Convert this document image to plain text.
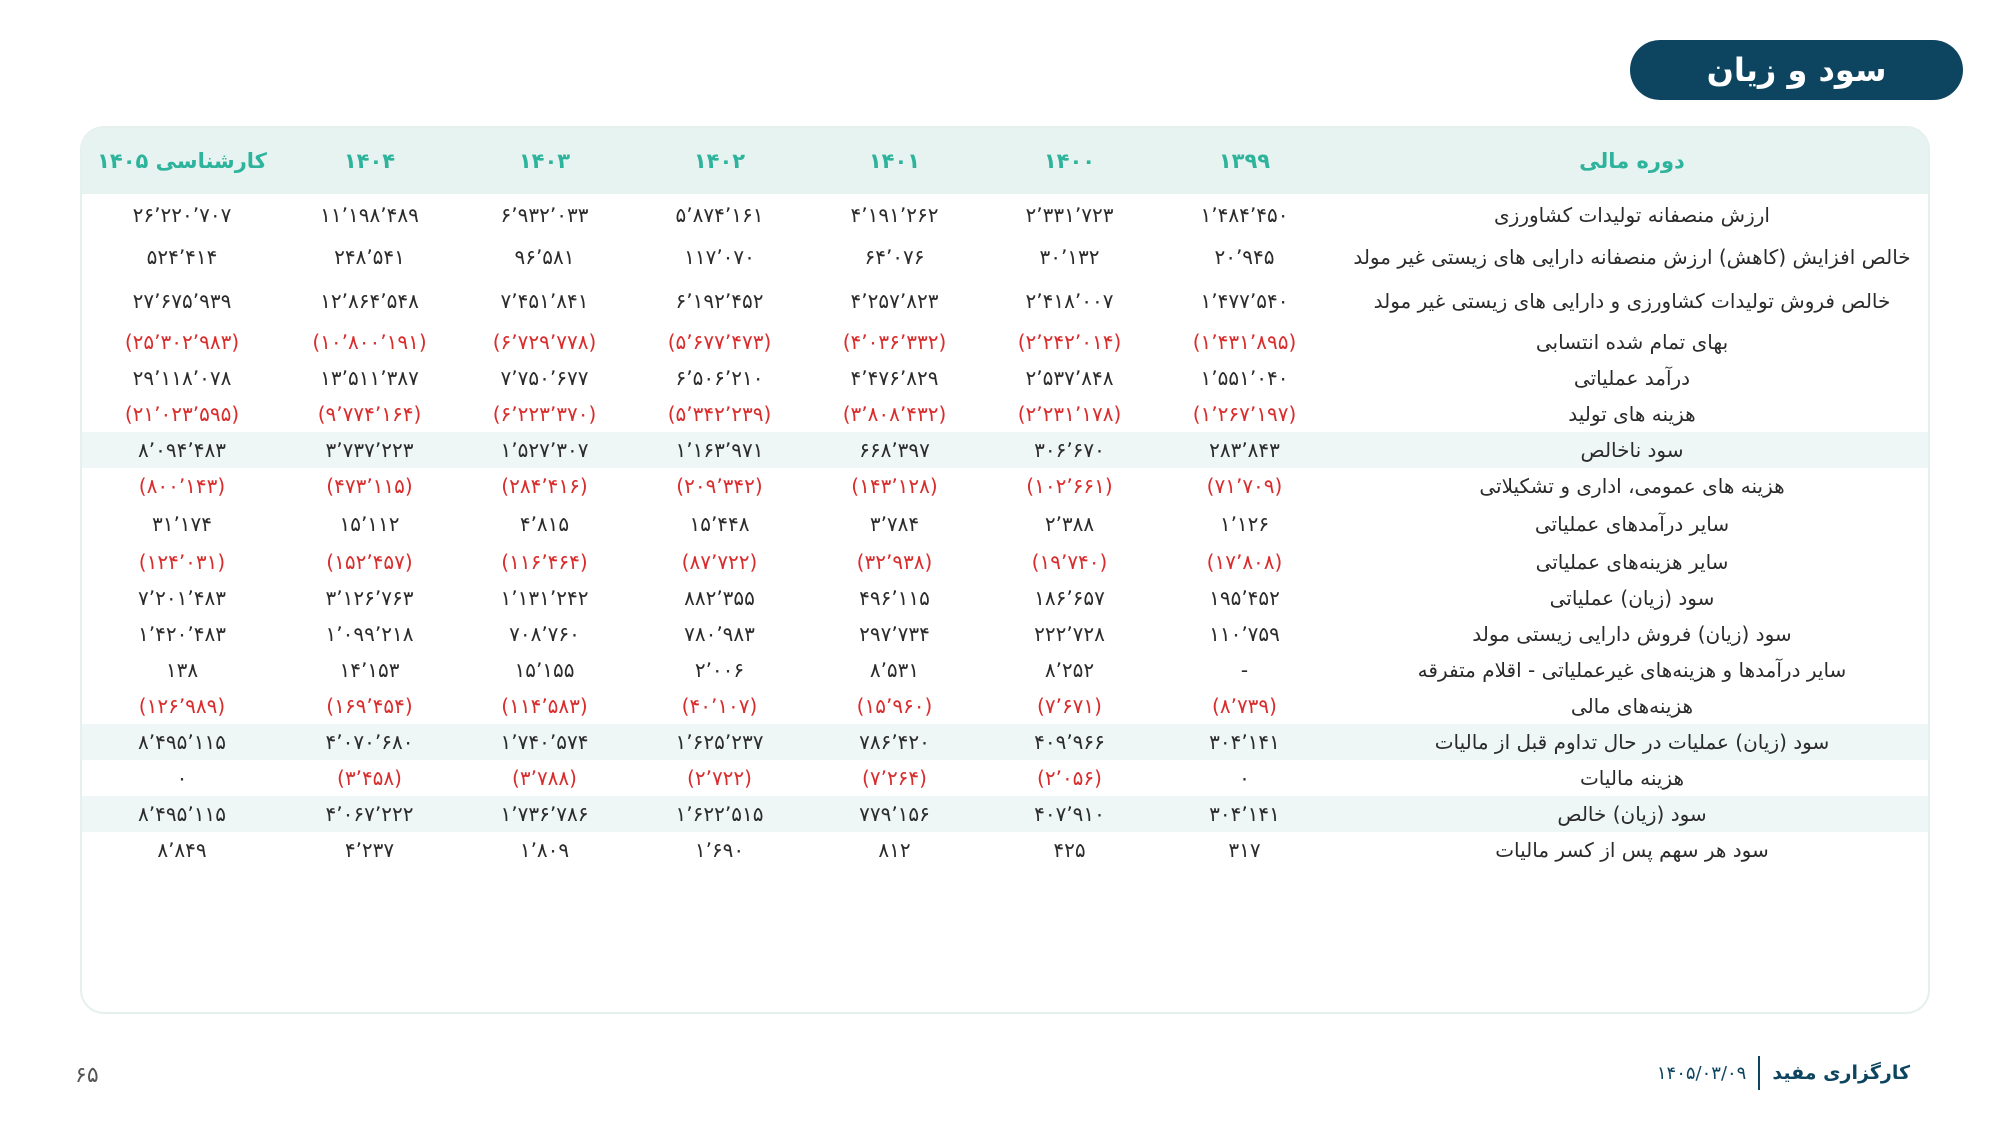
سود و زیان
دوره مالی	۱۳۹۹	۱۴۰۰	۱۴۰۱	۱۴۰۲	۱۴۰۳	۱۴۰۴	کارشناسی ۱۴۰۵
ارزش منصفانه تولیدات کشاورزی	۱٬۴۸۴٬۴۵۰	۲٬۳۳۱٬۷۲۳	۴٬۱۹۱٬۲۶۲	۵٬۸۷۴٬۱۶۱	۶٬۹۳۲٬۰۳۳	۱۱٬۱۹۸٬۴۸۹	۲۶٬۲۲۰٬۷۰۷
خالص افزایش (کاهش) ارزش منصفانه دارایی های زیستی غیر مولد	۲۰٬۹۴۵	۳۰٬۱۳۲	۶۴٬۰۷۶	۱۱۷٬۰۷۰	۹۶٬۵۸۱	۲۴۸٬۵۴۱	۵۲۴٬۴۱۴
خالص فروش تولیدات کشاورزی و دارایی های زیستی غیر مولد	۱٬۴۷۷٬۵۴۰	۲٬۴۱۸٬۰۰۷	۴٬۲۵۷٬۸۲۳	۶٬۱۹۲٬۴۵۲	۷٬۴۵۱٬۸۴۱	۱۲٬۸۶۴٬۵۴۸	۲۷٬۶۷۵٬۹۳۹
بهای تمام شده انتسابی	(۱٬۴۳۱٬۸۹۵)	(۲٬۲۴۲٬۰۱۴)	(۴٬۰۳۶٬۳۳۲)	(۵٬۶۷۷٬۴۷۳)	(۶٬۷۲۹٬۷۷۸)	(۱۰٬۸۰۰٬۱۹۱)	(۲۵٬۳۰۲٬۹۸۳)
درآمد عملیاتی	۱٬۵۵۱٬۰۴۰	۲٬۵۳۷٬۸۴۸	۴٬۴۷۶٬۸۲۹	۶٬۵۰۶٬۲۱۰	۷٬۷۵۰٬۶۷۷	۱۳٬۵۱۱٬۳۸۷	۲۹٬۱۱۸٬۰۷۸
هزینه های تولید	(۱٬۲۶۷٬۱۹۷)	(۲٬۲۳۱٬۱۷۸)	(۳٬۸۰۸٬۴۳۲)	(۵٬۳۴۲٬۲۳۹)	(۶٬۲۲۳٬۳۷۰)	(۹٬۷۷۴٬۱۶۴)	(۲۱٬۰۲۳٬۵۹۵)
سود ناخالص	۲۸۳٬۸۴۳	۳۰۶٬۶۷۰	۶۶۸٬۳۹۷	۱٬۱۶۳٬۹۷۱	۱٬۵۲۷٬۳۰۷	۳٬۷۳۷٬۲۲۳	۸٬۰۹۴٬۴۸۳
هزینه های عمومی، اداری و تشکیلاتی	(۷۱٬۷۰۹)	(۱۰۲٬۶۶۱)	(۱۴۳٬۱۲۸)	(۲۰۹٬۳۴۲)	(۲۸۴٬۴۱۶)	(۴۷۳٬۱۱۵)	(۸۰۰٬۱۴۳)
سایر درآمدهای عملیاتی	۱٬۱۲۶	۲٬۳۸۸	۳٬۷۸۴	۱۵٬۴۴۸	۴٬۸۱۵	۱۵٬۱۱۲	۳۱٬۱۷۴
سایر هزینه‌های عملیاتی	(۱۷٬۸۰۸)	(۱۹٬۷۴۰)	(۳۲٬۹۳۸)	(۸۷٬۷۲۲)	(۱۱۶٬۴۶۴)	(۱۵۲٬۴۵۷)	(۱۲۴٬۰۳۱)
سود (زیان) عملیاتی	۱۹۵٬۴۵۲	۱۸۶٬۶۵۷	۴۹۶٬۱۱۵	۸۸۲٬۳۵۵	۱٬۱۳۱٬۲۴۲	۳٬۱۲۶٬۷۶۳	۷٬۲۰۱٬۴۸۳
سود (زیان) فروش دارایی زیستی مولد	۱۱۰٬۷۵۹	۲۲۲٬۷۲۸	۲۹۷٬۷۳۴	۷۸۰٬۹۸۳	۷۰۸٬۷۶۰	۱٬۰۹۹٬۲۱۸	۱٬۴۲۰٬۴۸۳
سایر درآمدها و هزینه‌های غیرعملیاتی - اقلام متفرقه	-	۸٬۲۵۲	۸٬۵۳۱	۲٬۰۰۶	۱۵٬۱۵۵	۱۴٬۱۵۳	۱۳۸
هزینه‌های مالی	(۸٬۷۳۹)	(۷٬۶۷۱)	(۱۵٬۹۶۰)	(۴۰٬۱۰۷)	(۱۱۴٬۵۸۳)	(۱۶۹٬۴۵۴)	(۱۲۶٬۹۸۹)
سود (زیان) عملیات در حال تداوم قبل از مالیات	۳۰۴٬۱۴۱	۴۰۹٬۹۶۶	۷۸۶٬۴۲۰	۱٬۶۲۵٬۲۳۷	۱٬۷۴۰٬۵۷۴	۴٬۰۷۰٬۶۸۰	۸٬۴۹۵٬۱۱۵
هزینه مالیات	۰	(۲٬۰۵۶)	(۷٬۲۶۴)	(۲٬۷۲۲)	(۳٬۷۸۸)	(۳٬۴۵۸)	۰
سود (زیان) خالص	۳۰۴٬۱۴۱	۴۰۷٬۹۱۰	۷۷۹٬۱۵۶	۱٬۶۲۲٬۵۱۵	۱٬۷۳۶٬۷۸۶	۴٬۰۶۷٬۲۲۲	۸٬۴۹۵٬۱۱۵
سود هر سهم پس از کسر مالیات	۳۱۷	۴۲۵	۸۱۲	۱٬۶۹۰	۱٬۸۰۹	۴٬۲۳۷	۸٬۸۴۹
۶۵	کارگزاری مفید
۱۴۰۵/۰۳/۰۹
